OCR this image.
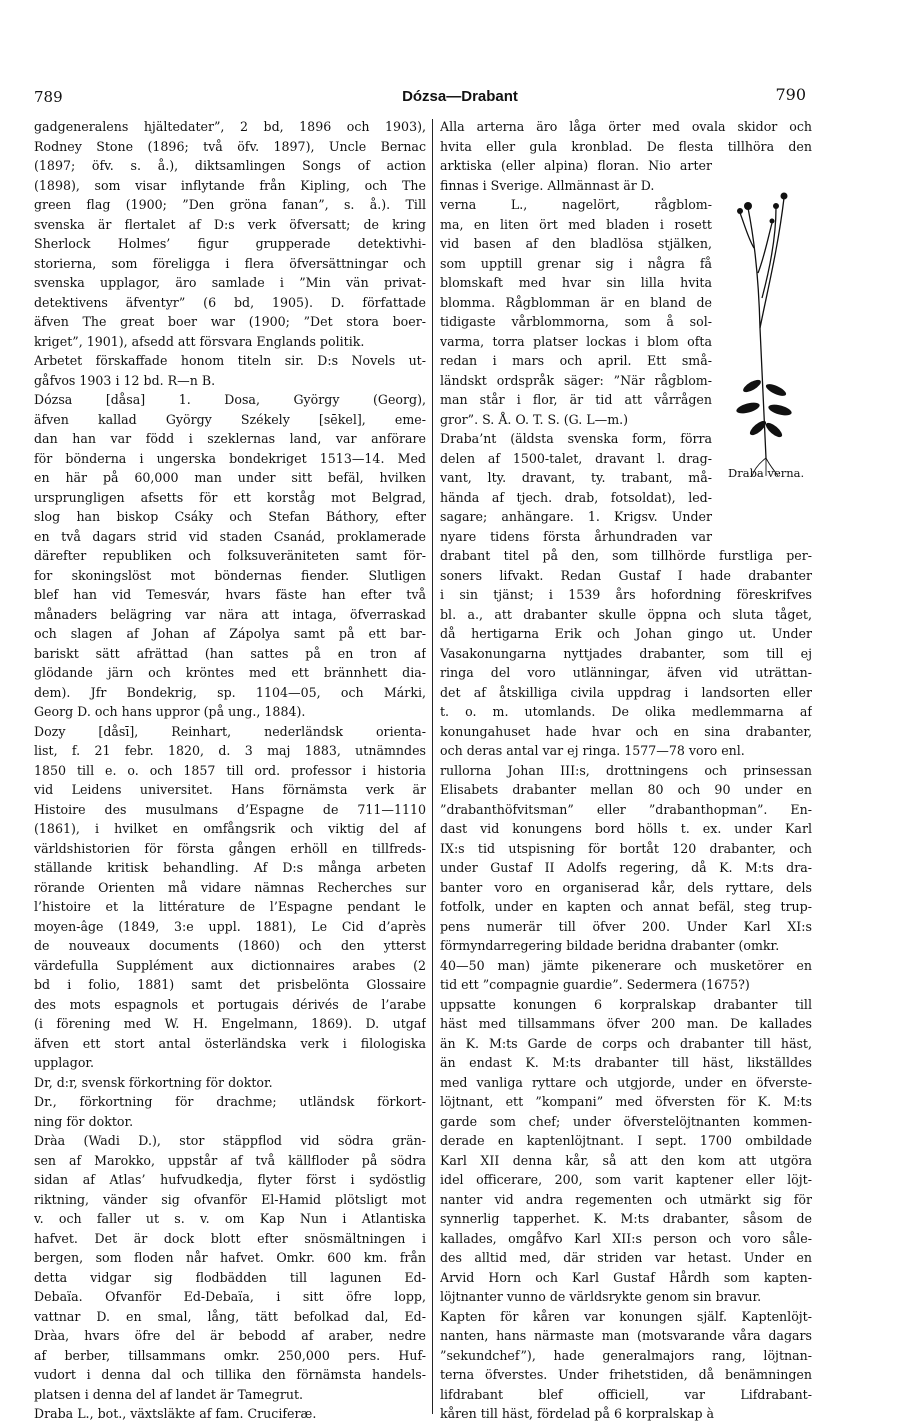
789	Dózsa—Drabant	790
gadgeneralens hjältedater”, 2 bd, 1896 och 1903),
Rodney Stone (1896; två öfv. 1897), Uncle Bernac
(1897; öfv. s. å.), diktsamlingen Songs of action
(1898), som visar inflytande från Kipling, och The
green flag (1900; ”Den gröna fanan”, s. å.). Till
svenska är flertalet af D:s verk öfversatt; de kring
Sherlock Holmes’ figur grupperade detektivhi-
storierna, som föreligga i flera öfversättningar och
svenska upplagor, äro samlade i ”Min vän privat-
detektivens äfventyr” (6 bd, 1905). D. författade
äfven The great boer war (1900; ”Det stora boer-
kriget”, 1901), afsedd att försvara Englands politik.
Arbetet förskaffade honom titeln sir. D:s Novels ut-
gåfvos 1903 i 12 bd. R—n B.
Dózsa [dåsa] 1. Dosa, György (Georg),
äfven kallad György Székely [sēkel], eme-
dan han var född i szeklernas land, var anförare
för bönderna i ungerska bondekriget 1513—14. Med
en här på 60,000 man under sitt befäl, hvilken
ursprungligen afsetts för ett korståg mot Belgrad,
slog han biskop Csáky och Stefan Báthory, efter
en två dagars strid vid staden Csanád, proklamerade
därefter republiken och folksuveräniteten samt för-
for skoningslöst mot böndernas fiender. Slutligen
blef han vid Temesvár, hvars fäste han efter två
månaders belägring var nära att intaga, öfverraskad
och slagen af Johan af Zápolya samt på ett bar-
bariskt sätt afrättad (han sattes på en tron af
glödande järn och kröntes med ett brännhett dia-
dem). Jfr Bondekrig, sp. 1104—05, och Márki,
Georg D. och hans uppror (på ung., 1884).
Dozy [dåsī], Reinhart, nederländsk orienta-
list, f. 21 febr. 1820, d. 3 maj 1883, utnämndes
1850 till e. o. och 1857 till ord. professor i historia
vid Leidens universitet. Hans förnämsta verk är
Histoire des musulmans d’Espagne de 711—1110
(1861), i hvilket en omfångsrik och viktig del af
världshistorien för första gången erhöll en tillfreds-
ställande kritisk behandling. Af D:s många arbeten
rörande Orienten må vidare nämnas Recherches sur
l’histoire et la littérature de l’Espagne pendant le
moyen-âge (1849, 3:e uppl. 1881), Le Cid d’après
de nouveaux documents (1860) och den ytterst
värdefulla Supplément aux dictionnaires arabes (2
bd i folio, 1881) samt det prisbelönta Glossaire
des mots espagnols et portugais dérivés de l’arabe
(i förening med W. H. Engelmann, 1869). D. utgaf
äfven ett stort antal österländska verk i filologiska
upplagor.
Dr, d:r, svensk förkortning för doktor.
Dr., förkortning för drachme; utländsk förkort-
ning för doktor.
Dràa (Wadi D.), stor stäppflod vid södra grän-
sen af Marokko, uppstår af två källfloder på södra
sidan af Atlas’ hufvudkedja, flyter först i sydöstlig
riktning, vänder sig ofvanför El-Hamid plötsligt mot
v. och faller ut s. v. om Kap Nun i Atlantiska
hafvet. Det är dock blott efter snösmältningen i
bergen, som floden når hafvet. Omkr. 600 km. från
detta vidgar sig flodbädden till lagunen Ed-
Debaïa. Ofvanför Ed-Debaïa, i sitt öfre lopp,
vattnar D. en smal, lång, tätt befolkad dal, Ed-
Dràa, hvars öfre del är bebodd af araber, nedre
af berber, tillsammans omkr. 250,000 pers. Huf-
vudort i denna dal och tillika den förnämsta handels-
platsen i denna del af landet är Tamegrut.
Draba L., bot., växtsläkte af fam. Cruciferæ.
Alla arterna äro låga örter med ovala skidor och
hvita eller gula kronblad. De flesta tillhöra den
arktiska (eller alpina) floran. Nio arter
finnas i Sverige. Allmännast är D.
verna L., nagelört, rågblom-
ma, en liten ört med bladen i rosett
vid basen af den bladlösa stjälken,
som upptill grenar sig i några få
blomskaft med hvar sin lilla hvita
blomma. Rågblomman är en bland de
tidigaste vårblommorna, som å sol-
varma, torra platser lockas i blom ofta
redan i mars och april. Ett små-
ländskt ordspråk säger: ”När rågblom-
man står i flor, är tid att vårrågen
gror”. S. Å. O. T. S. (G. L—m.)
Draba’nt (äldsta svenska form, förra
delen af 1500-talet, dravant l. drag-
vant, lty. dravant, ty. trabant, må-
hända af tjech. drab, fotsoldat), led-
sagare; anhängare. 1. Krigsv. Under
nyare tidens första århundraden var
drabant titel på den, som tillhörde furstliga per-
soners lifvakt. Redan Gustaf I hade drabanter
i sin tjänst; i 1539 års hofordning föreskrifves
bl. a., att drabanter skulle öppna och sluta tåget,
då hertigarna Erik och Johan gingo ut. Under
Vasakonungarna nyttjades drabanter, som till ej
ringa del voro utlänningar, äfven vid uträttan-
det af åtskilliga civila uppdrag i landsorten eller
t. o. m. utomlands. De olika medlemmarna af
konungahuset hade hvar och en sina drabanter,
och deras antal var ej ringa. 1577—78 voro enl.
rullorna Johan III:s, drottningens och prinsessan
Elisabets drabanter mellan 80 och 90 under en
”drabanthöfvitsman” eller ”drabanthopman”. En-
dast vid konungens bord hölls t. ex. under Karl
IX:s tid utspisning för bortåt 120 drabanter, och
under Gustaf II Adolfs regering, då K. M:ts dra-
banter voro en organiserad kår, dels ryttare, dels
fotfolk, under en kapten och annat befäl, steg trup-
pens numerär till öfver 200. Under Karl XI:s
förmyndarregering bildade beridna drabanter (omkr.
40—50 man) jämte pikenerare och musketörer en
tid ett ”compagnie guardie”. Sedermera (1675?)
uppsatte konungen 6 korpralskap drabanter till
häst med tillsammans öfver 200 man. De kallades
än K. M:ts Garde de corps och drabanter till häst,
än endast K. M:ts drabanter till häst, likställdes
med vanliga ryttare och utgjorde, under en öfverste-
löjtnant, ett ”kompani” med öfversten för K. M:ts
garde som chef; under öfverstelöjtnanten kommen-
derade en kaptenlöjtnant. I sept. 1700 ombildade
Karl XII denna kår, så att den kom att utgöra
idel officerare, 200, som varit kaptener eller löjt-
nanter vid andra regementen och utmärkt sig för
synnerlig tapperhet. K. M:ts drabanter, såsom de
kallades, omgåfvo Karl XII:s person och voro såle-
des alltid med, där striden var hetast. Under en
Arvid Horn och Karl Gustaf Hårdh som kapten-
löjtnanter vunno de världsrykte genom sin bravur.
Kapten för kåren var konungen själf. Kaptenlöjt-
nanten, hans närmaste man (motsvarande våra dagars
”sekundchef”), hade generalmajors rang, löjtnan-
terna öfverstes. Under frihetstiden, då benämningen
lifdrabant blef officiell, var Lifdrabant-
kåren till häst, fördelad på 6 korpralskap à
Draba verna.
